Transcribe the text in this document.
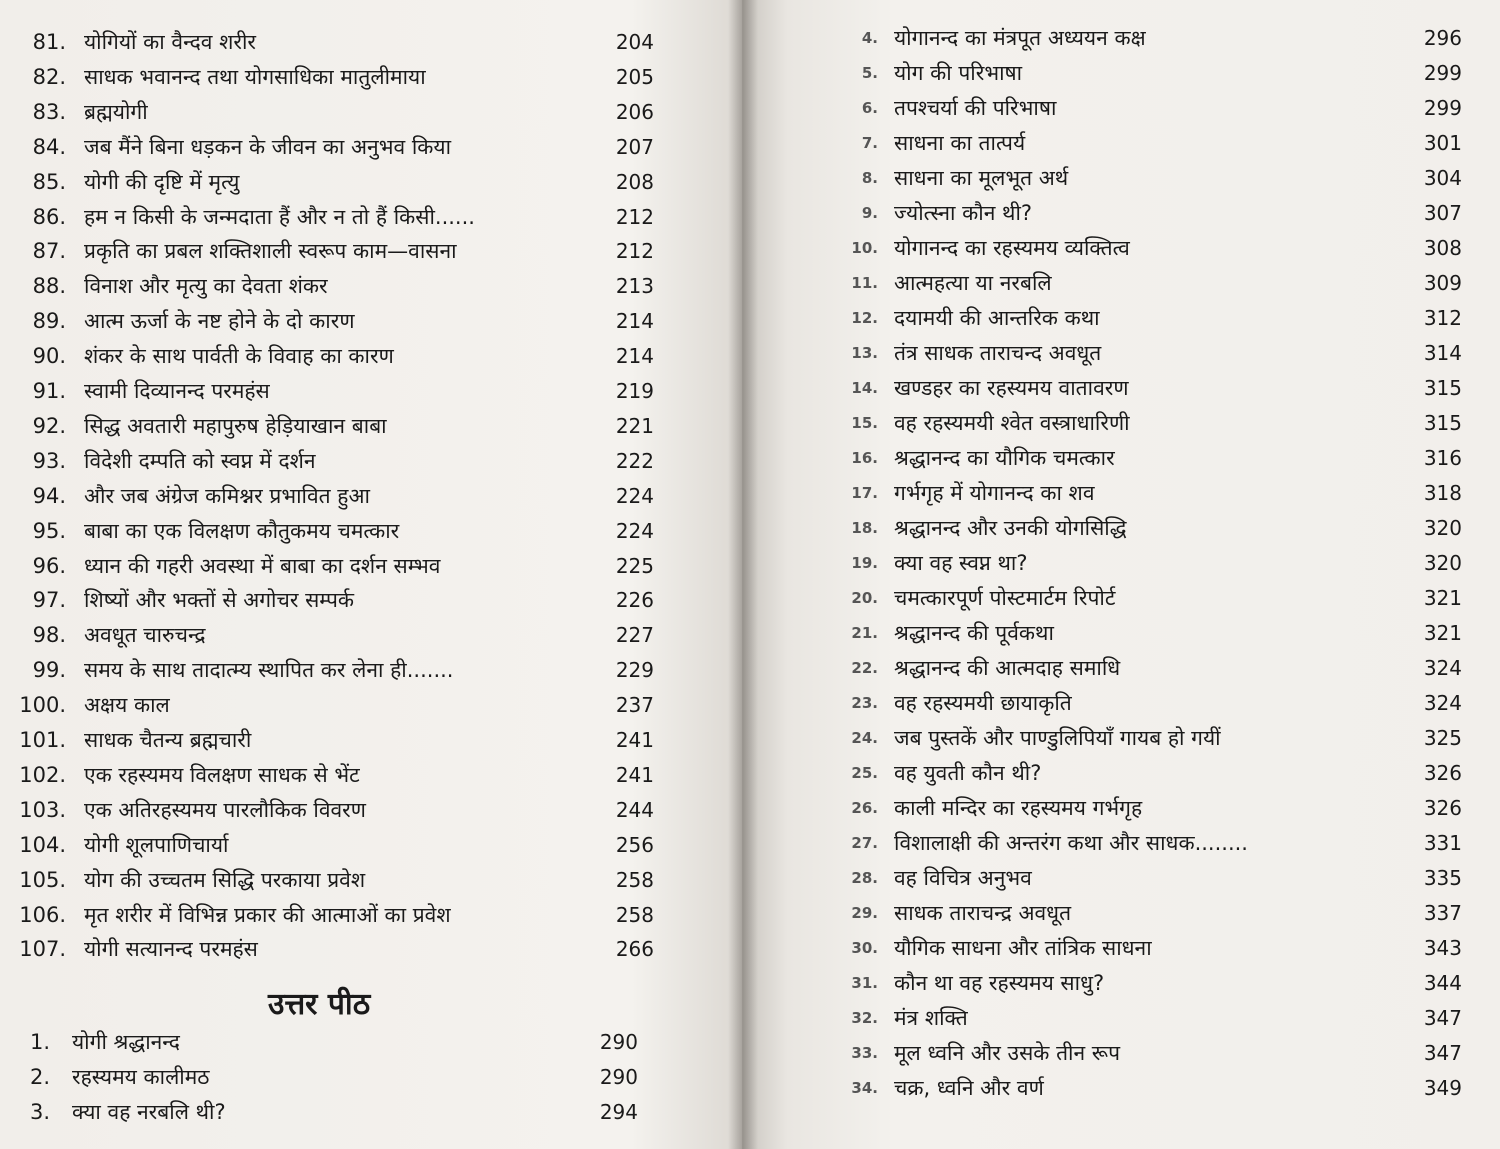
उत्तर पीठ
81. योगियों का वैन्दव शरीर	204
82. साधक भवानन्द तथा योगसाधिका मातुलीमाया	205
83. ब्रह्मयोगी	206
84. जब मैंने बिना धड़कन के जीवन का अनुभव किया	207
85. योगी की दृष्टि में मृत्यु	208
86. हम न किसी के जन्मदाता हैं और न तो हैं किसी......	212
87. प्रकृति का प्रबल शक्तिशाली स्वरूप काम—वासना	212
88. विनाश और मृत्यु का देवता शंकर	213
89. आत्म ऊर्जा के नष्ट होने के दो कारण	214
90. शंकर के साथ पार्वती के विवाह का कारण	214
91. स्वामी दिव्यानन्द परमहंस	219
92. सिद्ध अवतारी महापुरुष हेड़ियाखान बाबा	221
93. विदेशी दम्पति को स्वप्न में दर्शन	222
94. और जब अंग्रेज कमिश्नर प्रभावित हुआ	224
95. बाबा का एक विलक्षण कौतुकमय चमत्कार	224
96. ध्यान की गहरी अवस्था में बाबा का दर्शन सम्भव	225
97. शिष्यों और भक्तों से अगोचर सम्पर्क	226
98. अवधूत चारुचन्द्र	227
99. समय के साथ तादात्म्य स्थापित कर लेना ही.......	229
100. अक्षय काल	237
101. साधक चैतन्य ब्रह्मचारी	241
102. एक रहस्यमय विलक्षण साधक से भेंट	241
103. एक अतिरहस्यमय पारलौकिक विवरण	244
104. योगी शूलपाणिचार्या	256
105. योग की उच्चतम सिद्धि परकाया प्रवेश	258
106. मृत शरीर में विभिन्न प्रकार की आत्माओं का प्रवेश	258
107. योगी सत्यानन्द परमहंस	266
1. योगी श्रद्धानन्द	290
2. रहस्यमय कालीमठ	290
3. क्या वह नरबलि थी?	294
4. योगानन्द का मंत्रपूत अध्ययन कक्ष	296
5. योग की परिभाषा	299
6. तपश्चर्या की परिभाषा	299
7. साधना का तात्पर्य	301
8. साधना का मूलभूत अर्थ	304
9. ज्योत्स्ना कौन थी?	307
10. योगानन्द का रहस्यमय व्यक्तित्व	308
11. आत्महत्या या नरबलि	309
12. दयामयी की आन्तरिक कथा	312
13. तंत्र साधक ताराचन्द अवधूत	314
14. खण्डहर का रहस्यमय वातावरण	315
15. वह रहस्यमयी श्वेत वस्त्राधारिणी	315
16. श्रद्धानन्द का यौगिक चमत्कार	316
17. गर्भगृह में योगानन्द का शव	318
18. श्रद्धानन्द और उनकी योगसिद्धि	320
19. क्या वह स्वप्न था?	320
20. चमत्कारपूर्ण पोस्टमार्टम रिपोर्ट	321
21. श्रद्धानन्द की पूर्वकथा	321
22. श्रद्धानन्द की आत्मदाह समाधि	324
23. वह रहस्यमयी छायाकृति	324
24. जब पुस्तकें और पाण्डुलिपियाँ गायब हो गयीं	325
25. वह युवती कौन थी?	326
26. काली मन्दिर का रहस्यमय गर्भगृह	326
27. विशालाक्षी की अन्तरंग कथा और साधक........	331
28. वह विचित्र अनुभव	335
29. साधक ताराचन्द्र अवधूत	337
30. यौगिक साधना और तांत्रिक साधना	343
31. कौन था वह रहस्यमय साधु?	344
32. मंत्र शक्ति	347
33. मूल ध्वनि और उसके तीन रूप	347
34. चक्र, ध्वनि और वर्ण	349
